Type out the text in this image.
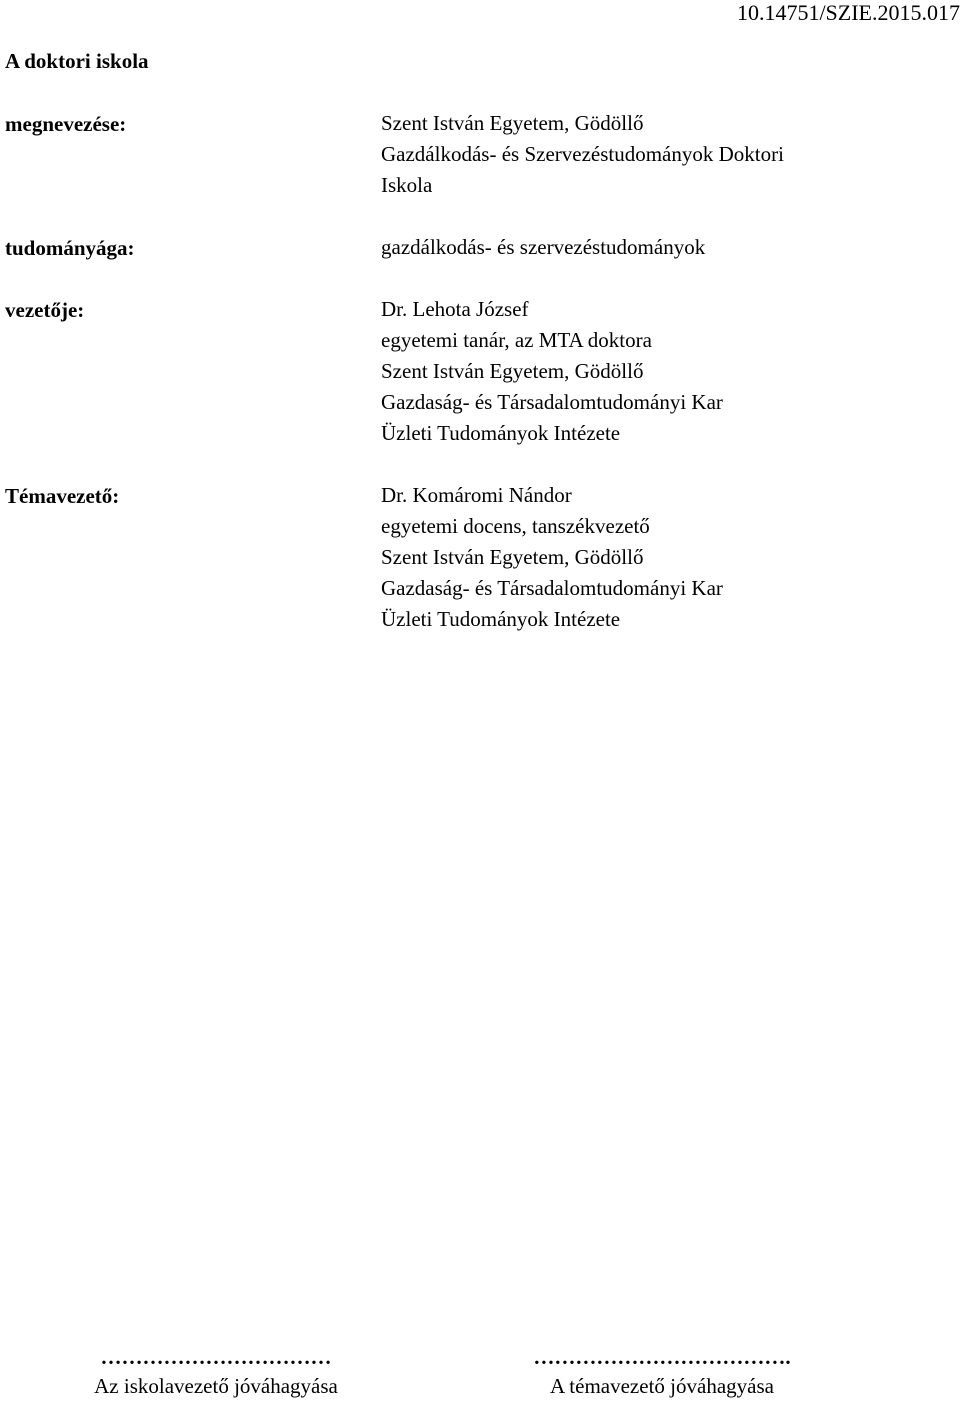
10.14751/SZIE.2015.017
A doktori iskola
megnevezése:
tudományága:
vezetője:
Témavezető:
Szent István Egyetem, Gödöllő
Gazdálkodás- és Szervezéstudományok Doktori
Iskola
gazdálkodás- és szervezéstudományok
Dr. Lehota József
egyetemi tanár, az MTA doktora
Szent István Egyetem, Gödöllő
Gazdaság- és Társadalomtudományi Kar
Üzleti Tudományok Intézete
Dr. Komáromi Nándor
egyetemi docens, tanszékvezető
Szent István Egyetem, Gödöllő
Gazdaság- és Társadalomtudományi Kar
Üzleti Tudományok Intézete
……………………………
Az iskolavezető jóváhagyása
……………………………….
A témavezető jóváhagyása
